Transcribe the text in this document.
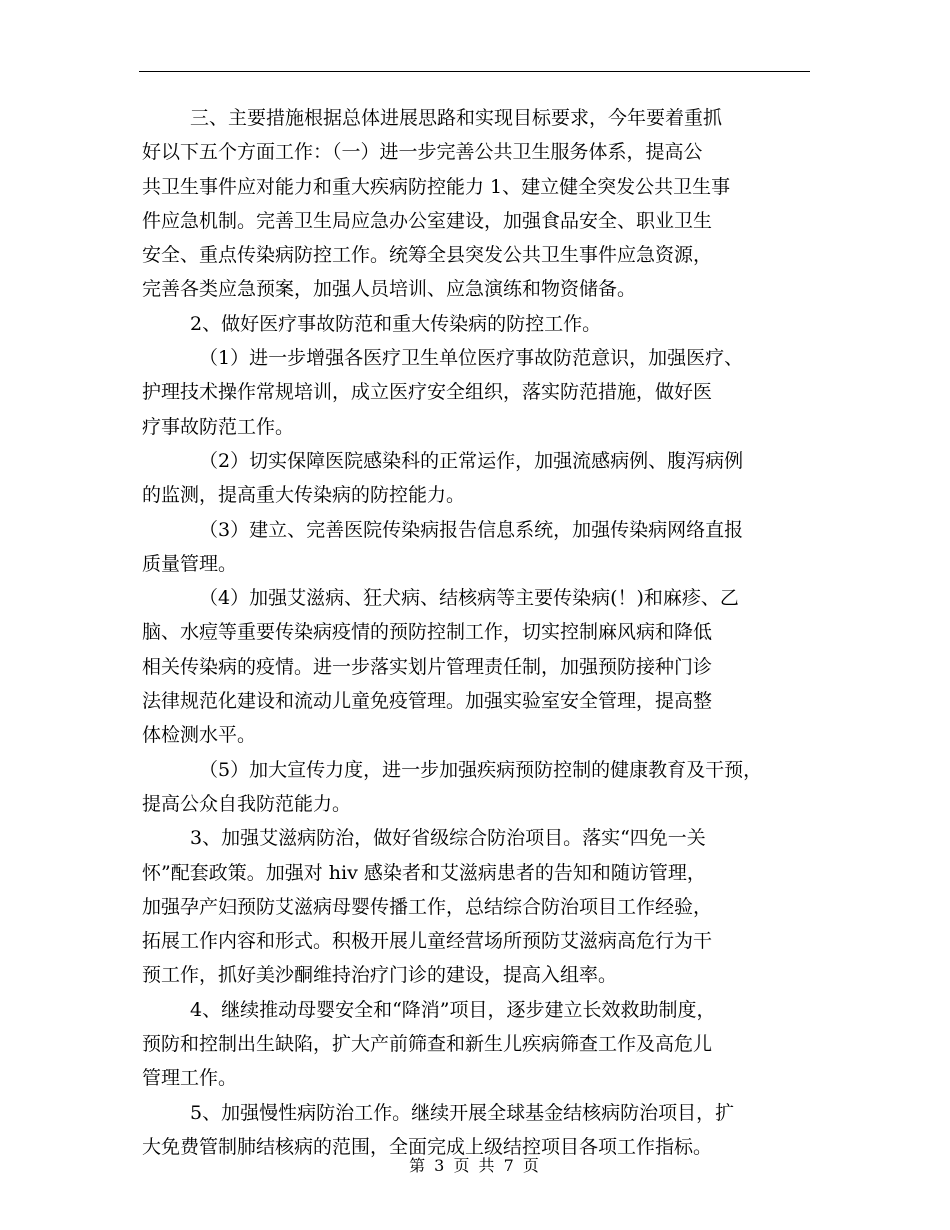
三、主要措施根据总体进展思路和实现目标要求，今年要着重抓
好以下五个方面工作：（一）进一步完善公共卫生服务体系，提高公
共卫生事件应对能力和重大疾病防控能力 1、建立健全突发公共卫生事
件应急机制。完善卫生局应急办公室建设，加强食品安全、职业卫生
安全、重点传染病防控工作。统筹全县突发公共卫生事件应急资源，
完善各类应急预案，加强人员培训、应急演练和物资储备。
2、做好医疗事故防范和重大传染病的防控工作。
（1）进一步增强各医疗卫生单位医疗事故防范意识，加强医疗、
护理技术操作常规培训，成立医疗安全组织，落实防范措施，做好医
疗事故防范工作。
（2）切实保障医院感染科的正常运作，加强流感病例、腹泻病例
的监测，提高重大传染病的防控能力。
（3）建立、完善医院传染病报告信息系统，加强传染病网络直报
质量管理。
（4）加强艾滋病、狂犬病、结核病等主要传染病(！)和麻疹、乙
脑、水痘等重要传染病疫情的预防控制工作，切实控制麻风病和降低
相关传染病的疫情。进一步落实划片管理责任制，加强预防接种门诊
法律规范化建设和流动儿童免疫管理。加强实验室安全管理，提高整
体检测水平。
（5）加大宣传力度，进一步加强疾病预防控制的健康教育及干预，
提高公众自我防范能力。
3、加强艾滋病防治，做好省级综合防治项目。落实“四免一关
怀”配套政策。加强对 hiv 感染者和艾滋病患者的告知和随访管理，
加强孕产妇预防艾滋病母婴传播工作，总结综合防治项目工作经验，
拓展工作内容和形式。积极开展儿童经营场所预防艾滋病高危行为干
预工作，抓好美沙酮维持治疗门诊的建设，提高入组率。
4、继续推动母婴安全和“降消”项目，逐步建立长效救助制度，
预防和控制出生缺陷，扩大产前筛查和新生儿疾病筛查工作及高危儿
管理工作。
5、加强慢性病防治工作。继续开展全球基金结核病防治项目，扩
大免费管制肺结核病的范围，全面完成上级结控项目各项工作指标。
第 3 页 共 7 页
